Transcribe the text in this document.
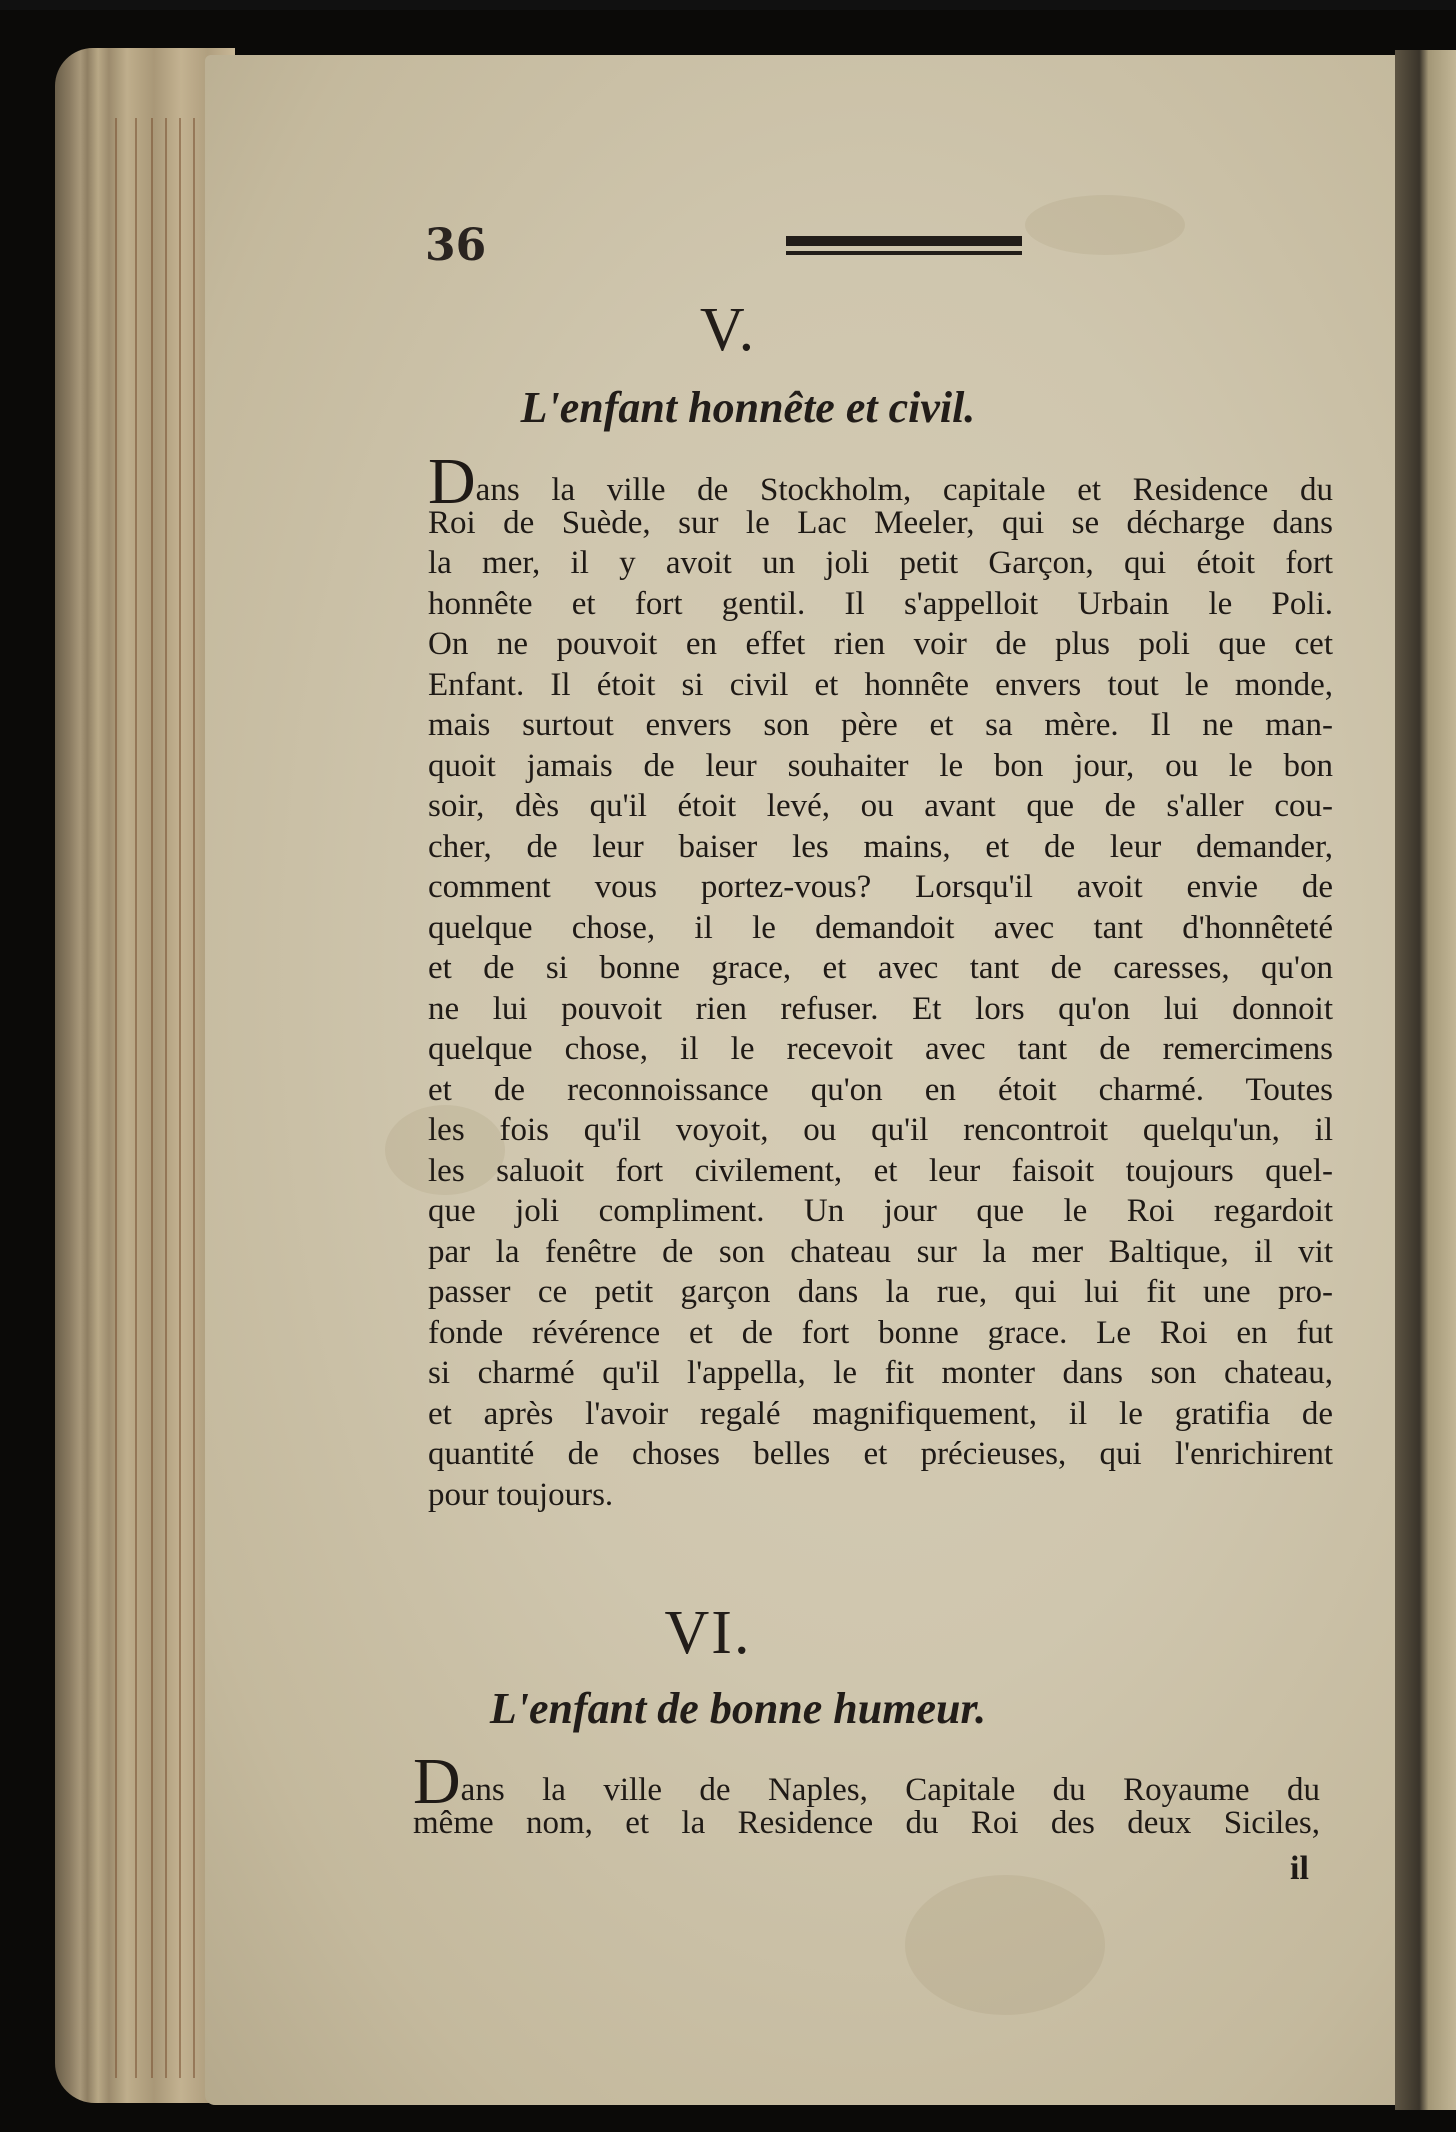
36
V.
L'enfant honnête et civil.
Dans la ville de Stockholm, capitale et Residence du
Roi de Suède, sur le Lac Meeler, qui se décharge dans
la mer, il y avoit un joli petit Garçon, qui étoit fort
honnête et fort gentil. Il s'appelloit Urbain le Poli.
On ne pouvoit en effet rien voir de plus poli que cet
Enfant. Il étoit si civil et honnête envers tout le monde,
mais surtout envers son père et sa mère. Il ne man-
quoit jamais de leur souhaiter le bon jour, ou le bon
soir, dès qu'il étoit levé, ou avant que de s'aller cou-
cher, de leur baiser les mains, et de leur demander,
comment vous portez-vous? Lorsqu'il avoit envie de
quelque chose, il le demandoit avec tant d'honnêteté
et de si bonne grace, et avec tant de caresses, qu'on
ne lui pouvoit rien refuser. Et lors qu'on lui donnoit
quelque chose, il le recevoit avec tant de remercimens
et de reconnoissance qu'on en étoit charmé. Toutes
les fois qu'il voyoit, ou qu'il rencontroit quelqu'un, il
les saluoit fort civilement, et leur faisoit toujours quel-
que joli compliment. Un jour que le Roi regardoit
par la fenêtre de son chateau sur la mer Baltique, il vit
passer ce petit garçon dans la rue, qui lui fit une pro-
fonde révérence et de fort bonne grace. Le Roi en fut
si charmé qu'il l'appella, le fit monter dans son chateau,
et après l'avoir regalé magnifiquement, il le gratifia de
quantité de choses belles et précieuses, qui l'enrichirent
pour toujours.
VI.
L'enfant de bonne humeur.
Dans la ville de Naples, Capitale du Royaume du
même nom, et la Residence du Roi des deux Siciles,
il
